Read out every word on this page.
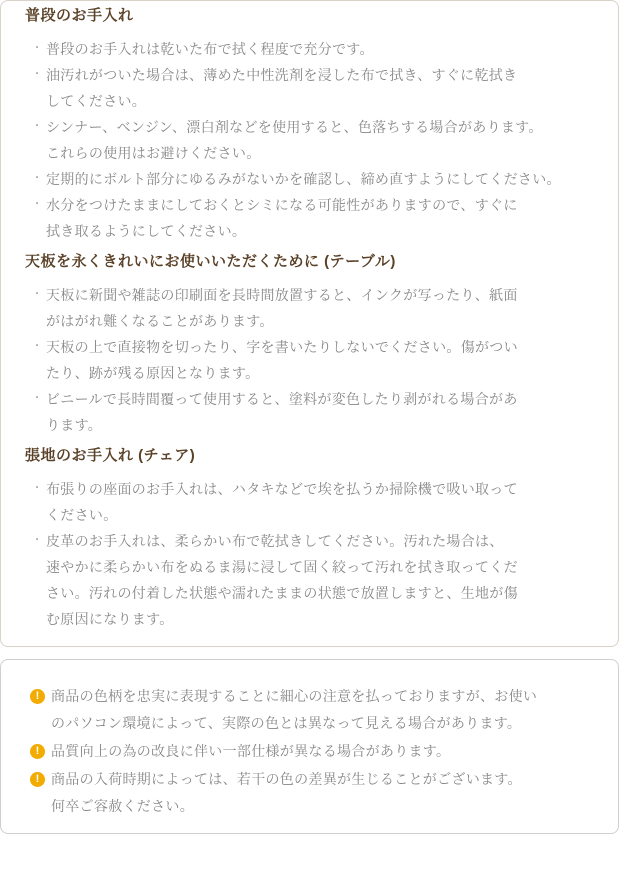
普段のお手入れ
・ 普段のお手入れは乾いた布で拭く程度で充分です。
・ 油汚れがついた場合は、薄めた中性洗剤を浸した布で拭き、すぐに乾拭き
してください。
・ シンナー、ベンジン、漂白剤などを使用すると、色落ちする場合があります。
これらの使用はお避けください。
・ 定期的にボルト部分にゆるみがないかを確認し、締め直すようにしてください。
・ 水分をつけたままにしておくとシミになる可能性がありますので、すぐに
拭き取るようにしてください。
天板を永くきれいにお使いいただくために (テーブル)
・ 天板に新聞や雑誌の印刷面を長時間放置すると、インクが写ったり、紙面
がはがれ難くなることがあります。
・ 天板の上で直接物を切ったり、字を書いたりしないでください。傷がつい
たり、跡が残る原因となります。
・ ビニールで長時間覆って使用すると、塗料が変色したり剥がれる場合があ
ります。
張地のお手入れ (チェア)
・ 布張りの座面のお手入れは、ハタキなどで埃を払うか掃除機で吸い取って
ください。
・ 皮革のお手入れは、柔らかい布で乾拭きしてください。汚れた場合は、
速やかに柔らかい布をぬるま湯に浸して固く絞って汚れを拭き取ってくだ
さい。汚れの付着した状態や濡れたままの状態で放置しますと、生地が傷
む原因になります。
! 商品の色柄を忠実に表現することに細心の注意を払っておりますが、お使い
のパソコン環境によって、実際の色とは異なって見える場合があります。
! 品質向上の為の改良に伴い一部仕様が異なる場合があります。
! 商品の入荷時期によっては、若干の色の差異が生じることがございます。
何卒ご容赦ください。
